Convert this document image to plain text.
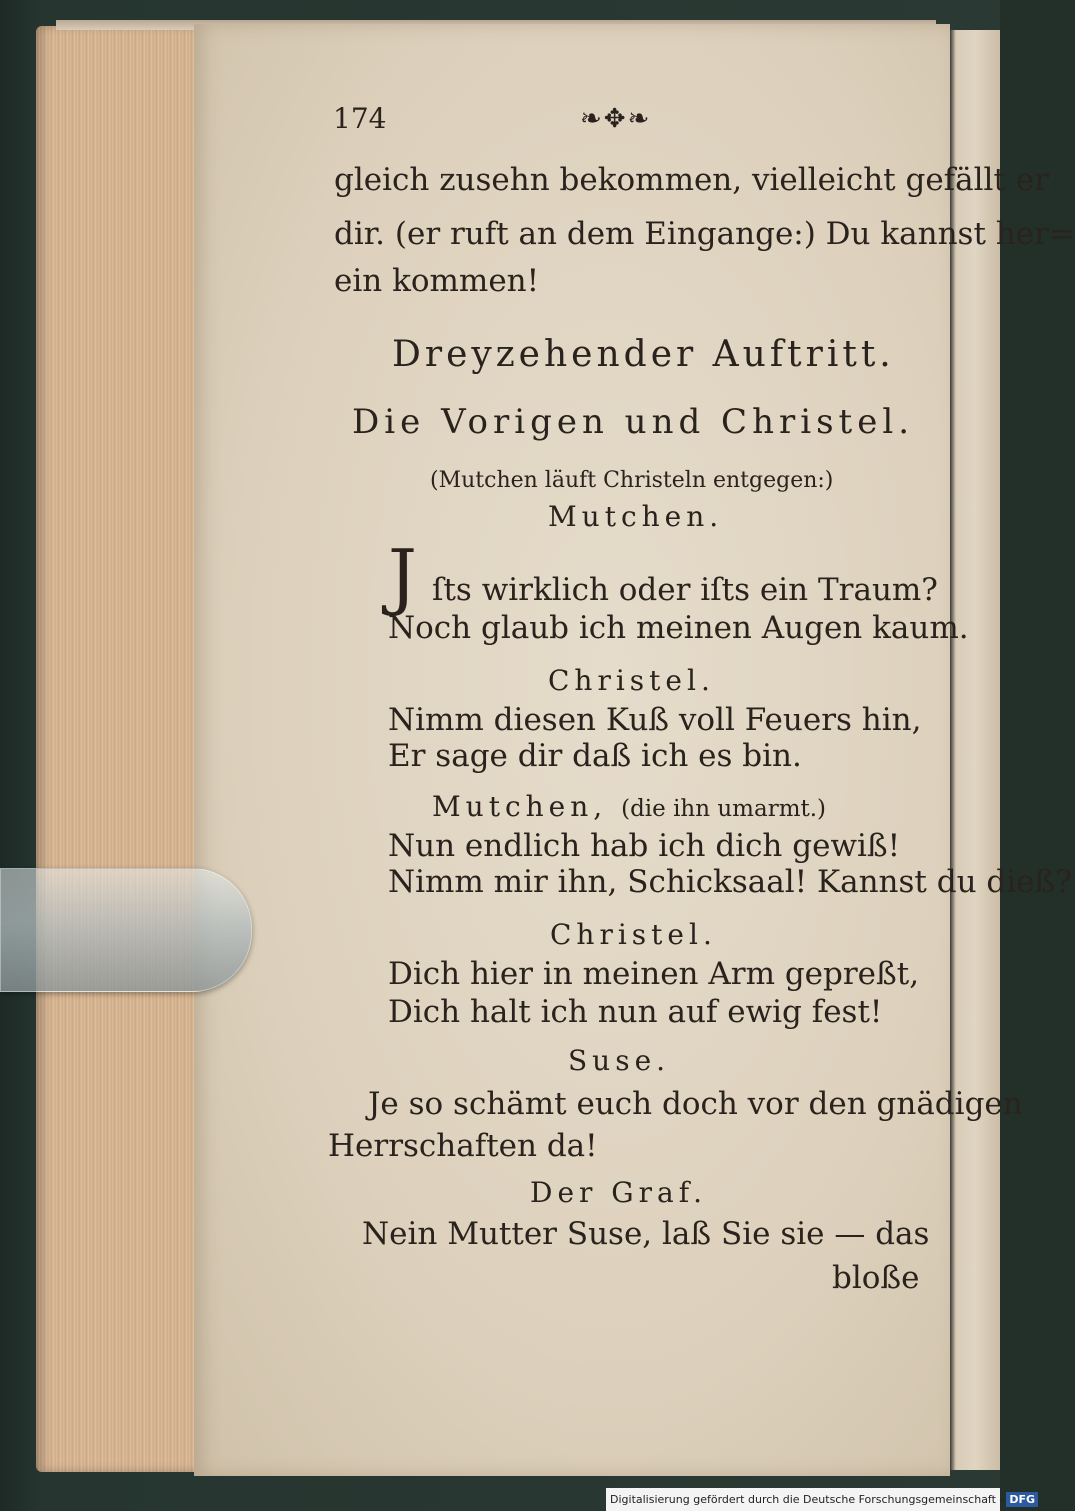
174	❧✥❧
gleich zusehn bekommen, vielleicht gefällt er
dir. (er ruft an dem Eingange:) Du kannst her=
ein kommen!
Dreyzehender Auftritt.
Die Vorigen und Christel.
(Mutchen läuft Christeln entgegen:)
Mutchen.
J ſts wirklich oder iſts ein Traum?
Noch glaub ich meinen Augen kaum.
Christel.
Nimm diesen Kuß voll Feuers hin,
Er sage dir daß ich es bin.
Mutchen, (die ihn umarmt.)
Nun endlich hab ich dich gewiß!
Nimm mir ihn, Schicksaal! Kannst du dieß?
Christel.
Dich hier in meinen Arm gepreßt,
Dich halt ich nun auf ewig fest!
Suse.
Je so schämt euch doch vor den gnädigen
Herrschaften da!
Der Graf.
Nein Mutter Suse, laß Sie sie — das
bloße
Digitalisierung gefördert durch die Deutsche Forschungsgemeinschaft - DFG
